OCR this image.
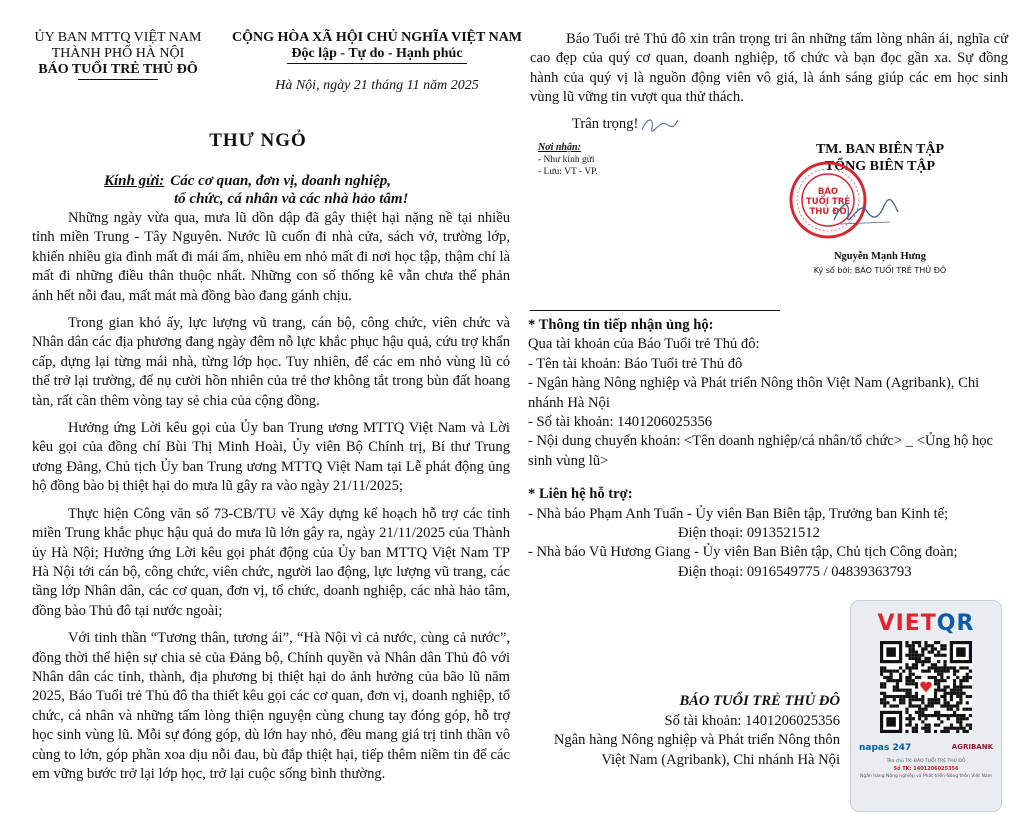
ỦY BAN MTTQ VIỆT NAM
THÀNH PHỐ HÀ NỘI
BÁO TUỔI TRẺ THỦ ĐÔ
CỘNG HÒA XÃ HỘI CHỦ NGHĨA VIỆT NAM
Độc lập - Tự do - Hạnh phúc
Hà Nội, ngày 21 tháng 11 năm 2025
THƯ NGỎ
Kính gửi: Các cơ quan, đơn vị, doanh nghiệp,
tổ chức, cá nhân và các nhà hảo tâm!

Những ngày vừa qua, mưa lũ dồn dập đã gây thiệt hại nặng nề tại nhiều tỉnh miền Trung - Tây Nguyên. Nước lũ cuốn đi nhà cửa, sách vở, trường lớp, khiến nhiều gia đình mất đi mái ấm, nhiều em nhỏ mất đi nơi học tập, thậm chí là mất đi những điều thân thuộc nhất. Những con số thống kê vẫn chưa thể phản ánh hết nỗi đau, mất mát mà đồng bào đang gánh chịu.

Trong gian khó ấy, lực lượng vũ trang, cán bộ, công chức, viên chức và Nhân dân các địa phương đang ngày đêm nỗ lực khắc phục hậu quả, cứu trợ khẩn cấp, dựng lại từng mái nhà, từng lớp học. Tuy nhiên, để các em nhỏ vùng lũ có thể trở lại trường, để nụ cười hồn nhiên của trẻ thơ không tắt trong bùn đất hoang tàn, rất cần thêm vòng tay sẻ chia của cộng đồng.

Hưởng ứng Lời kêu gọi của Ủy ban Trung ương MTTQ Việt Nam và Lời kêu gọi của đồng chí Bùi Thị Minh Hoài, Ủy viên Bộ Chính trị, Bí thư Trung ương Đảng, Chủ tịch Ủy ban Trung ương MTTQ Việt Nam tại Lễ phát động ủng hộ đồng bào bị thiệt hại do mưa lũ gây ra vào ngày 21/11/2025;

Thực hiện Công văn số 73-CB/TU về Xây dựng kế hoạch hỗ trợ các tỉnh miền Trung khắc phục hậu quả do mưa lũ lớn gây ra, ngày 21/11/2025 của Thành ủy Hà Nội; Hưởng ứng Lời kêu gọi phát động của Ủy ban MTTQ Việt Nam TP Hà Nội tới cán bộ, công chức, viên chức, người lao động, lực lượng vũ trang, các tầng lớp Nhân dân, các cơ quan, đơn vị, tổ chức, doanh nghiệp, các nhà hảo tâm, đồng bào Thủ đô tại nước ngoài;

Với tinh thần “Tương thân, tương ái”, “Hà Nội vì cả nước, cùng cả nước”, đồng thời thể hiện sự chia sẻ của Đảng bộ, Chính quyền và Nhân dân Thủ đô với Nhân dân các tỉnh, thành, địa phương bị thiệt hại do ảnh hưởng của bão lũ năm 2025, Báo Tuổi trẻ Thủ đô tha thiết kêu gọi các cơ quan, đơn vị, doanh nghiệp, tổ chức, cá nhân và những tấm lòng thiện nguyện cùng chung tay đóng góp, hỗ trợ học sinh vùng lũ. Mỗi sự đóng góp, dù lớn hay nhỏ, đều mang giá trị tinh thần vô cùng to lớn, góp phần xoa dịu nỗi đau, bù đắp thiệt hại, tiếp thêm niềm tin để các em vững bước trở lại lớp học, trở lại cuộc sống bình thường.

Báo Tuổi trẻ Thủ đô xin trân trọng tri ân những tấm lòng nhân ái, nghĩa cử cao đẹp của quý cơ quan, doanh nghiệp, tổ chức và bạn đọc gần xa. Sự đồng hành của quý vị là nguồn động viên vô giá, là ánh sáng giúp các em học sinh vùng lũ vững tin vượt qua thử thách.

Trân trọng!
Nơi nhận:
- Như kính gửi
- Lưu: VT - VP.
TM. BAN BIÊN TẬP
TỔNG BIÊN TẬP
BÁO
TUỔI TRẺ
THỦ ĐÔ
Nguyễn Mạnh Hưng
Ký số bởi: BÁO TUỔI TRẺ THỦ ĐÔ
* Thông tin tiếp nhận ủng hộ:
Qua tài khoản của Báo Tuổi trẻ Thủ đô:
- Tên tài khoản: Báo Tuổi trẻ Thủ đô
- Ngân hàng Nông nghiệp và Phát triển Nông thôn Việt Nam (Agribank), Chi nhánh Hà Nội
- Số tài khoản: 1401206025356
- Nội dung chuyển khoản: <Tên doanh nghiệp/cá nhân/tổ chức> _ <Ủng hộ học sinh vùng lũ>
* Liên hệ hỗ trợ:
- Nhà báo Phạm Anh Tuấn - Ủy viên Ban Biên tập, Trưởng ban Kinh tế;
Điện thoại: 0913521512
- Nhà báo Vũ Hương Giang - Ủy viên Ban Biên tập, Chủ tịch Công đoàn;
Điện thoại: 0916549775 / 04839363793
BÁO TUỔI TRẺ THỦ ĐÔ
Số tài khoản: 1401206025356
Ngân hàng Nông nghiệp và Phát triển Nông thôn
Việt Nam (Agribank), Chi nhánh Hà Nội
VIETQR
napas 247	AGRIBANK
Tên chủ TK: BÁO TUỔI TRẺ THỦ ĐÔ
Số TK: 1401206025356
Ngân hàng Nông nghiệp và Phát triển Nông thôn Việt Nam
